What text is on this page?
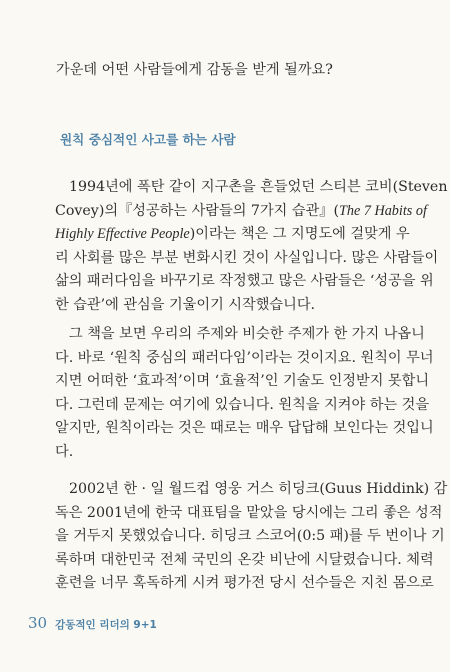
가운데 어떤 사람들에게 감동을 받게 될까요?
원칙 중심적인 사고를 하는 사람
1994년에 폭탄 같이 지구촌을 흔들었던 스티븐 코비(Steven
Covey)의『성공하는 사람들의 7가지 습관』(The 7 Habits of
Highly Effective People)이라는 책은 그 지명도에 걸맞게 우
리 사회를 많은 부분 변화시킨 것이 사실입니다. 많은 사람들이
삶의 패러다임을 바꾸기로 작정했고 많은 사람들은 ‘성공을 위
한 습관’에 관심을 기울이기 시작했습니다.
그 책을 보면 우리의 주제와 비슷한 주제가 한 가지 나옵니
다. 바로 ‘원칙 중심의 패러다임’이라는 것이지요. 원칙이 무너
지면 어떠한 ‘효과적’이며 ‘효율적’인 기술도 인정받지 못합니
다. 그런데 문제는 여기에 있습니다. 원칙을 지켜야 하는 것을
알지만, 원칙이라는 것은 때로는 매우 답답해 보인다는 것입니
다.
2002년 한 · 일 월드컵 영웅 거스 히딩크(Guus Hiddink) 감
독은 2001년에 한국 대표팀을 맡았을 당시에는 그리 좋은 성적
을 거두지 못했었습니다. 히딩크 스코어(0:5 패)를 두 번이나 기
록하며 대한민국 전체 국민의 온갖 비난에 시달렸습니다. 체력
훈련을 너무 혹독하게 시켜 평가전 당시 선수들은 지친 몸으로
30 감동적인 리더의 9+1
